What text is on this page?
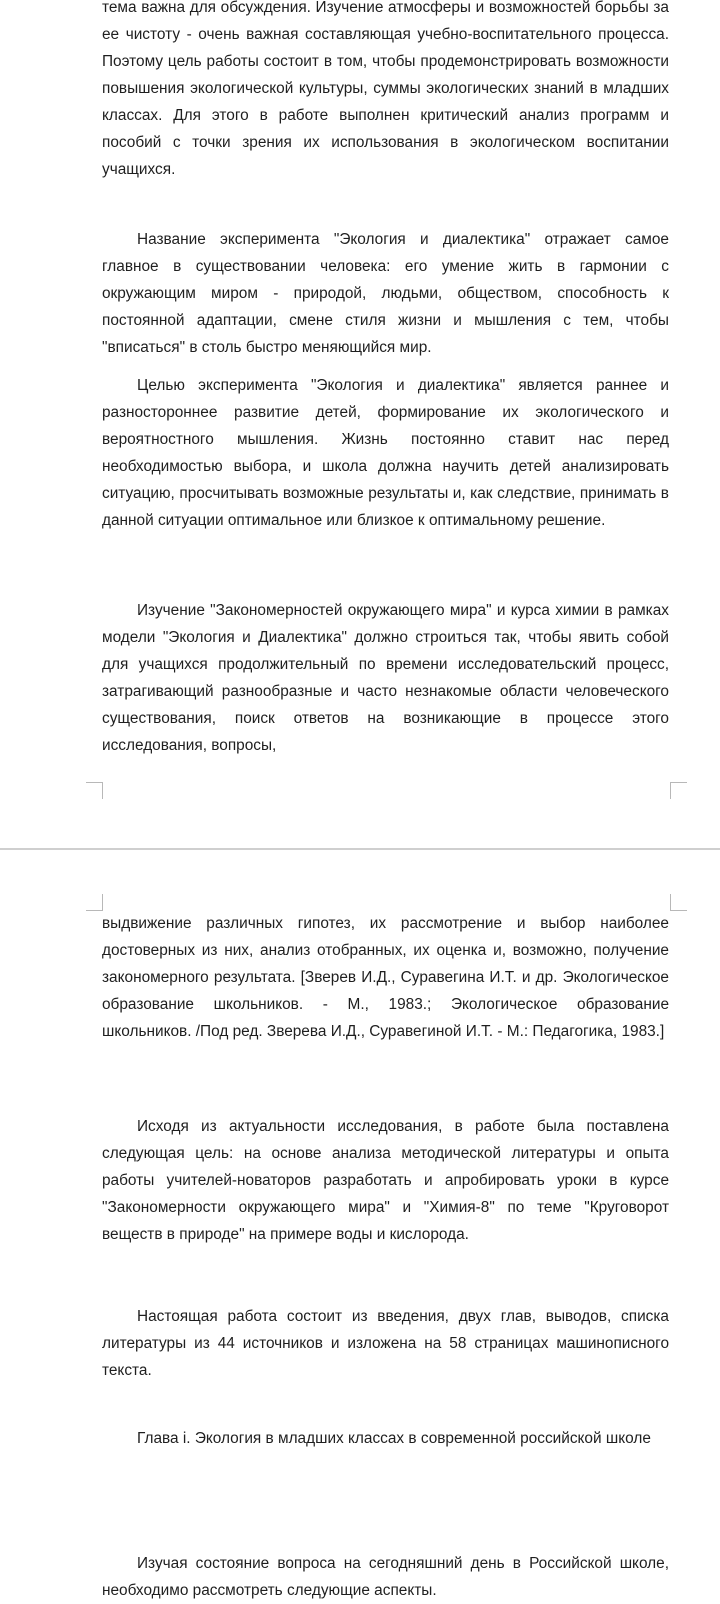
тема важна для обсуждения. Изучение атмосферы и возможностей борьбы за ее чистоту - очень важная составляющая учебно-воспитательного процесса. Поэтому цель работы состоит в том, чтобы продемонстрировать возможности повышения экологической культуры, суммы экологических знаний в младших классах. Для этого в работе выполнен критический анализ программ и пособий с точки зрения их использования в экологическом воспитании учащихся.

Название эксперимента "Экология и диалектика" отражает самое главное в существовании человека: его умение жить в гармонии с окружающим миром - природой, людьми, обществом, способность к постоянной адаптации, смене стиля жизни и мышления с тем, чтобы "вписаться" в столь быстро меняющийся мир.

Целью эксперимента "Экология и диалектика" является раннее и разностороннее развитие детей, формирование их экологического и вероятностного мышления. Жизнь постоянно ставит нас перед необходимостью выбора, и школа должна научить детей анализировать ситуацию, просчитывать возможные результаты и, как следствие, принимать в данной ситуации оптимальное или близкое к оптимальному решение.

Изучение "Закономерностей окружающего мира" и курса химии в рамках модели "Экология и Диалектика" должно строиться так, чтобы явить собой для учащихся продолжительный по времени исследовательский процесс, затрагивающий разнообразные и часто незнакомые области человеческого существования, поиск ответов на возникающие в процессе этого исследования, вопросы,

выдвижение различных гипотез, их рассмотрение и выбор наиболее достоверных из них, анализ отобранных, их оценка и, возможно, получение закономерного результата. [Зверев И.Д., Суравегина И.Т. и др. Экологическое образование школьников. - М., 1983.; Экологическое образование школьников. /Под ред. Зверева И.Д., Суравегиной И.Т. - М.: Педагогика, 1983.]

Исходя из актуальности исследования, в работе была поставлена следующая цель: на основе анализа методической литературы и опыта работы учителей-новаторов разработать и апробировать уроки в курсе "Закономерности окружающего мира" и "Химия-8" по теме "Круговорот веществ в природе" на примере воды и кислорода.

Настоящая работа состоит из введения, двух глав, выводов, списка литературы из 44 источников и изложена на 58 страницах машинописного текста.

Глава i. Экология в младших классах в современной российской школе

Изучая состояние вопроса на сегодняшний день в Российской школе, необходимо рассмотреть следующие аспекты.
